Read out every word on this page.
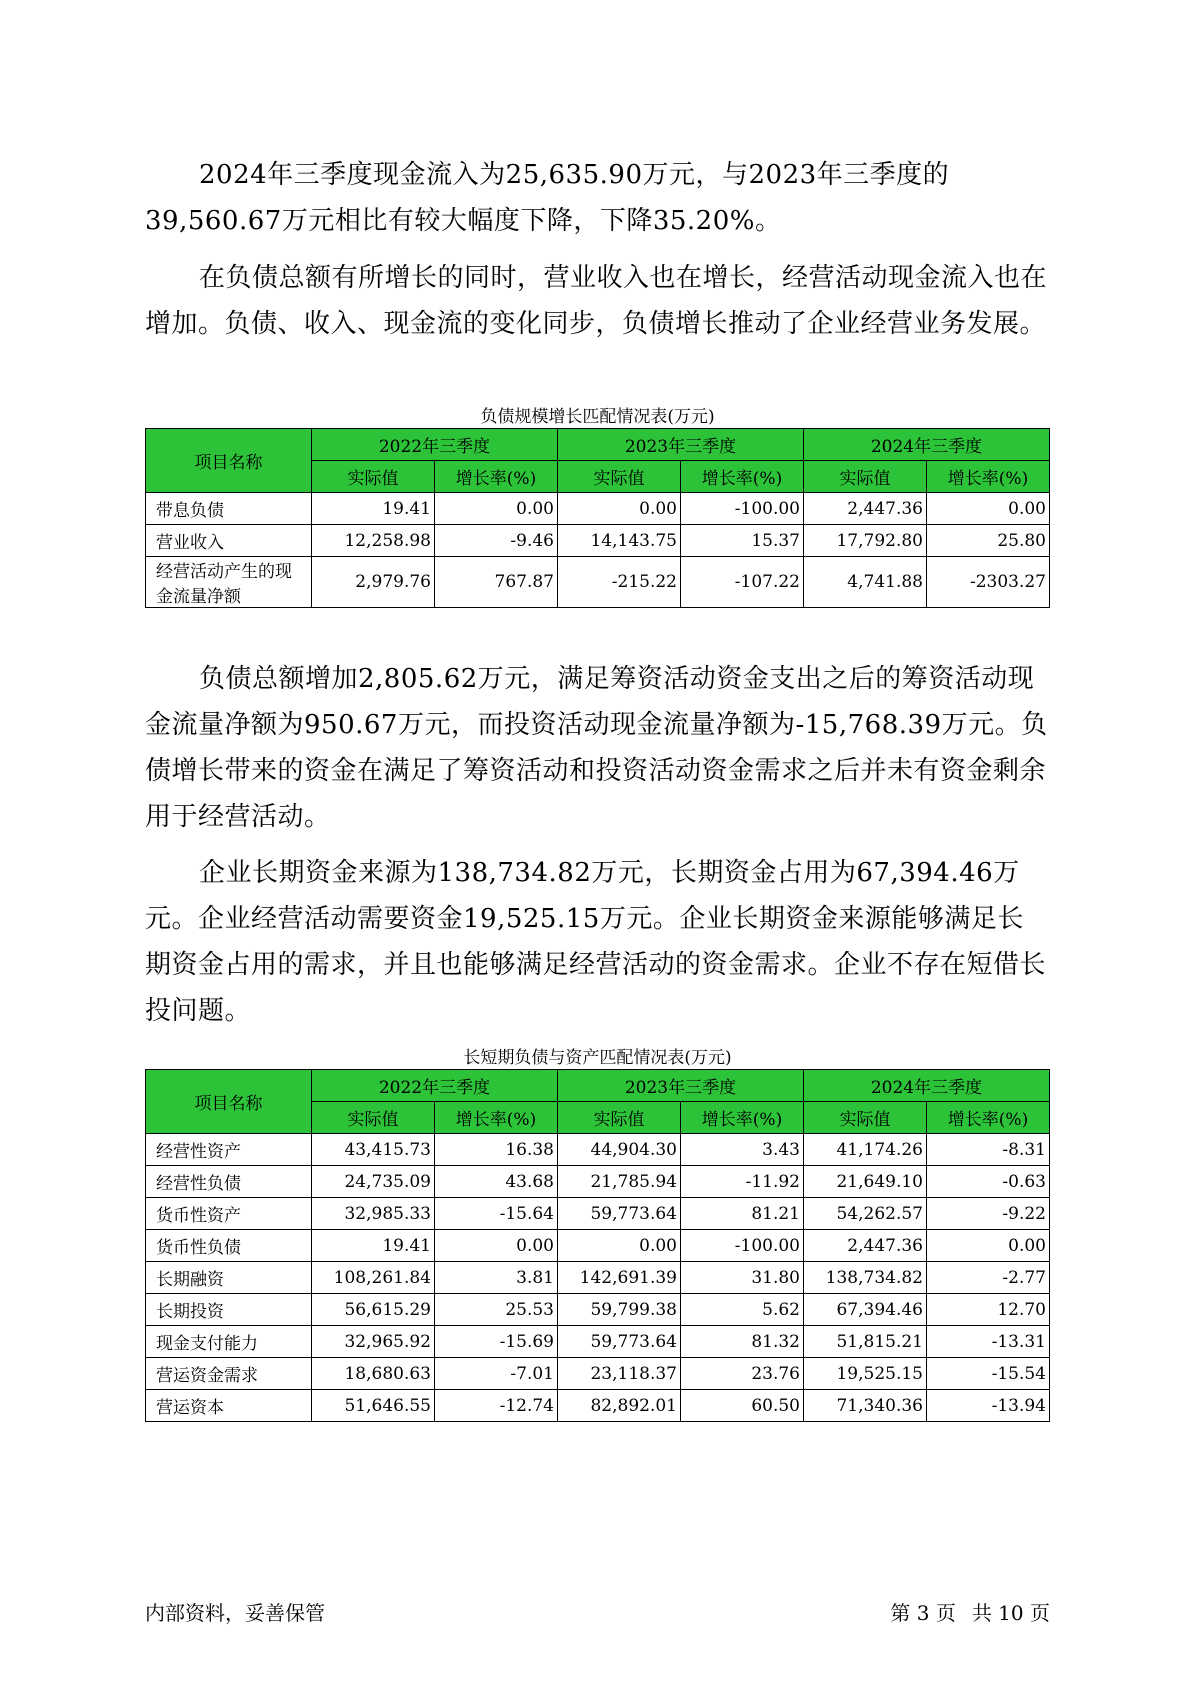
2024年三季度现金流入为25,635.90万元，与2023年三季度的39,560.67万元相比有较大幅度下降，下降35.20%。

在负债总额有所增长的同时，营业收入也在增长，经营活动现金流入也在增加。负债、收入、现金流的变化同步，负债增长推动了企业经营业务发展。

负债规模增长匹配情况表(万元)
项目名称	2022年三季度		2023年三季度		2024年三季度	
	实际值	增长率(%)	实际值	增长率(%)	实际值	增长率(%)
带息负债	19.41	0.00	0.00	-100.00	2,447.36	0.00
营业收入	12,258.98	-9.46	14,143.75	15.37	17,792.80	25.80
经营活动产生的现金流量净额	2,979.76	767.87	-215.22	-107.22	4,741.88	-2303.27

负债总额增加2,805.62万元，满足筹资活动资金支出之后的筹资活动现金流量净额为950.67万元，而投资活动现金流量净额为-15,768.39万元。负债增长带来的资金在满足了筹资活动和投资活动资金需求之后并未有资金剩余用于经营活动。

企业长期资金来源为138,734.82万元，长期资金占用为67,394.46万元。企业经营活动需要资金19,525.15万元。企业长期资金来源能够满足长期资金占用的需求，并且也能够满足经营活动的资金需求。企业不存在短借长投问题。

长短期负债与资产匹配情况表(万元)
项目名称	2022年三季度		2023年三季度		2024年三季度	
	实际值	增长率(%)	实际值	增长率(%)	实际值	增长率(%)
经营性资产	43,415.73	16.38	44,904.30	3.43	41,174.26	-8.31
经营性负债	24,735.09	43.68	21,785.94	-11.92	21,649.10	-0.63
货币性资产	32,985.33	-15.64	59,773.64	81.21	54,262.57	-9.22
货币性负债	19.41	0.00	0.00	-100.00	2,447.36	0.00
长期融资	108,261.84	3.81	142,691.39	31.80	138,734.82	-2.77
长期投资	56,615.29	25.53	59,799.38	5.62	67,394.46	12.70
现金支付能力	32,965.92	-15.69	59,773.64	81.32	51,815.21	-13.31
营运资金需求	18,680.63	-7.01	23,118.37	23.76	19,525.15	-15.54
营运资本	51,646.55	-12.74	82,892.01	60.50	71,340.36	-13.94
内部资料，妥善保管	第 3 页 共 10 页
